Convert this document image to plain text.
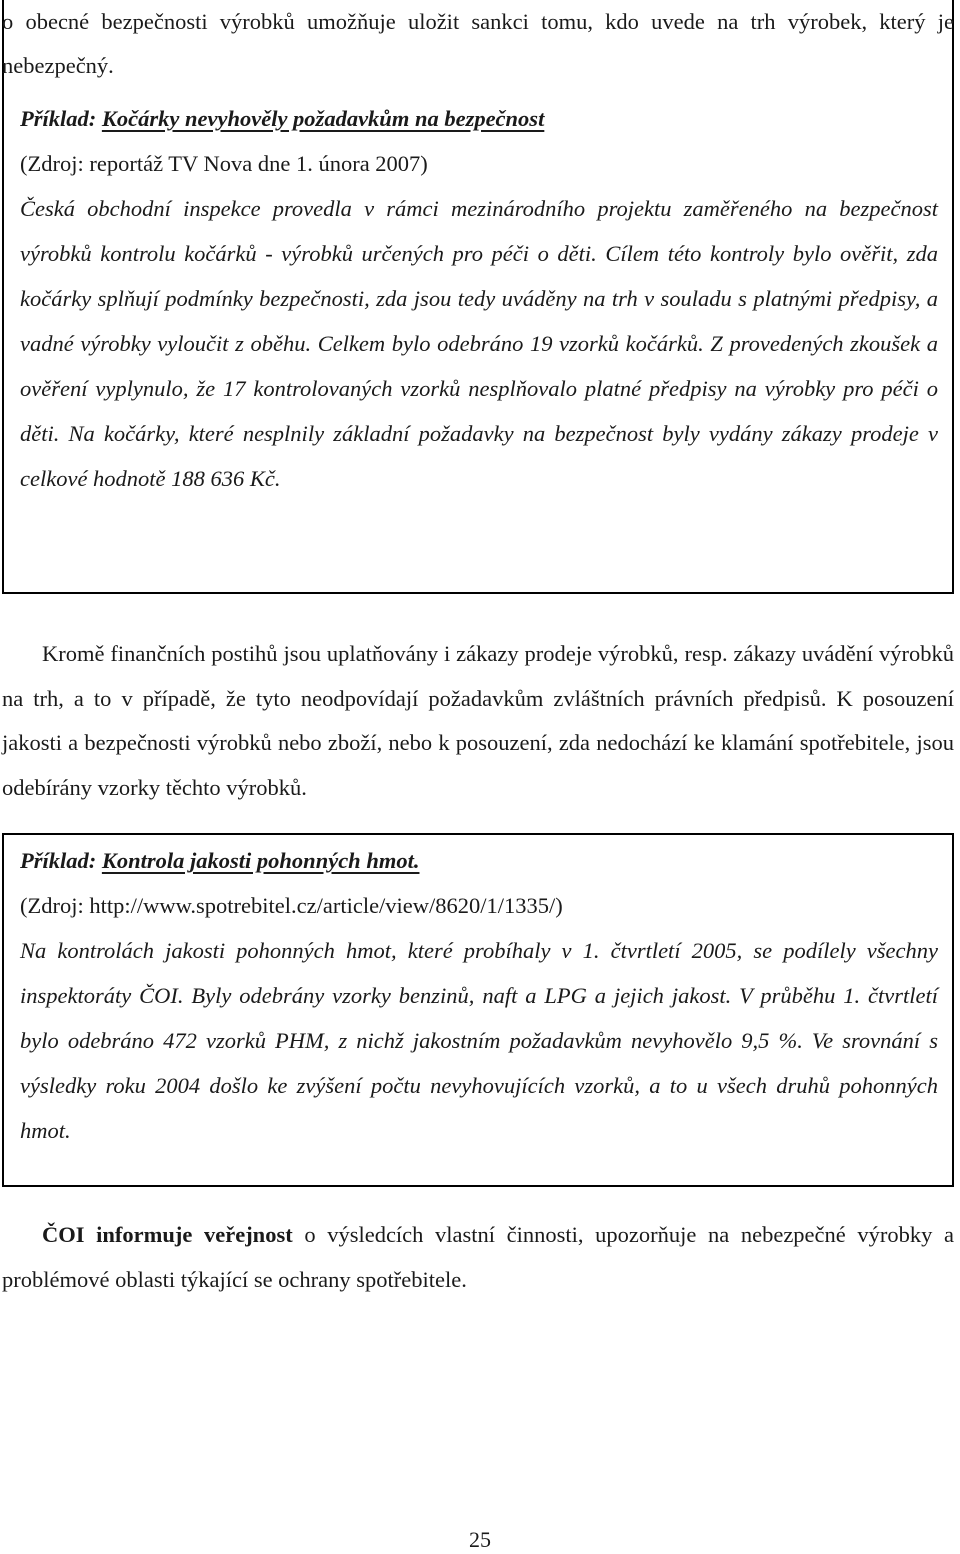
Příklad: Kočárky nevyhověly požadavkům na bezpečnost
(Zdroj: reportáž TV Nova dne 1. února 2007)
Česká obchodní inspekce provedla v rámci mezinárodního projektu zaměřeného na bezpečnost výrobků kontrolu kočárků - výrobků určených pro péči o děti. Cílem této kontroly bylo ověřit, zda kočárky splňují podmínky bezpečnosti, zda jsou tedy uváděny na trh v souladu s platnými předpisy, a vadné výrobky vyloučit z oběhu. Celkem bylo odebráno 19 vzorků kočárků. Z provedených zkoušek a ověření vyplynulo, že 17 kontrolovaných vzorků nesplňovalo platné předpisy na výrobky pro péči o děti. Na kočárky, které nesplnily základní požadavky na bezpečnost byly vydány zákazy prodeje v celkové hodnotě 188 636 Kč.
o obecné bezpečnosti výrobků umožňuje uložit sankci tomu, kdo uvede na trh výrobek, který je nebezpečný.
Kromě finančních postihů jsou uplatňovány i zákazy prodeje výrobků, resp. zákazy uvádění výrobků na trh, a to v případě, že tyto neodpovídají požadavkům zvláštních právních předpisů. K posouzení jakosti a bezpečnosti výrobků nebo zboží, nebo k posouzení, zda nedochází ke klamání spotřebitele, jsou odebírány vzorky těchto výrobků.
Příklad: Kontrola jakosti pohonných hmot.
(Zdroj: http://www.spotrebitel.cz/article/view/8620/1/1335/)
Na kontrolách jakosti pohonných hmot, které probíhaly v 1. čtvrtletí 2005, se podílely všechny inspektoráty ČOI. Byly odebrány vzorky benzinů, naft a LPG a jejich jakost. V průběhu 1. čtvrtletí bylo odebráno 472 vzorků PHM, z nichž jakostním požadavkům nevyhovělo 9,5 %. Ve srovnání s výsledky roku 2004 došlo ke zvýšení počtu nevyhovujících vzorků, a to u všech druhů pohonných hmot.
ČOI informuje veřejnost o výsledcích vlastní činnosti, upozorňuje na nebezpečné výrobky a problémové oblasti týkající se ochrany spotřebitele.
25
